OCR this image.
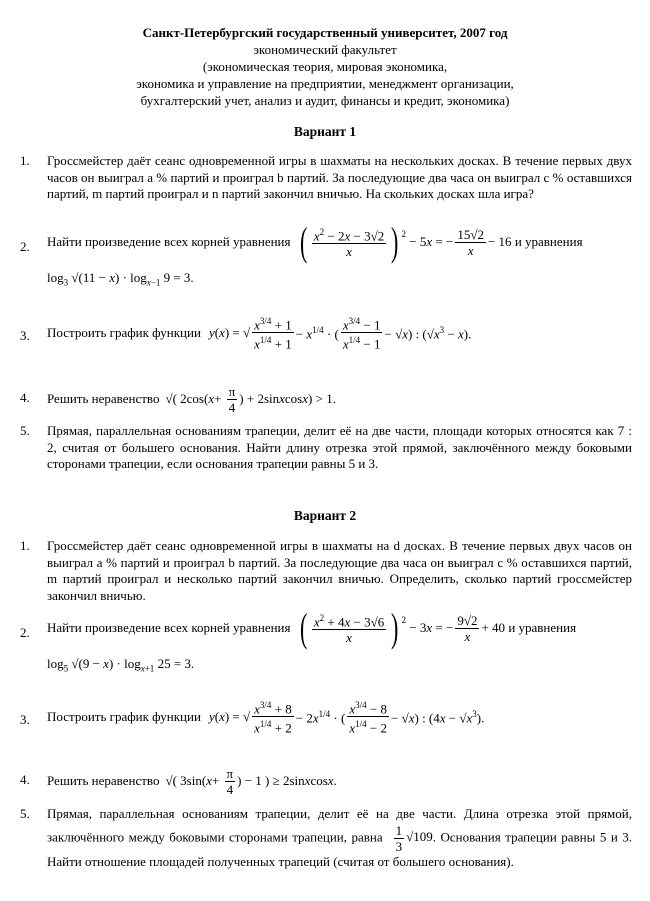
Санкт-Петербургский государственный университет, 2007 год
экономический факультет
(экономическая теория, мировая экономика,
экономика и управление на предприятии, менеджмент организации,
бухгалтерский учет, анализ и аудит, финансы и кредит, экономика)
Вариант 1
1.	Гроссмейстер даёт сеанс одновременной игры в шахматы на нескольких досках. В течение первых двух часов он выиграл a % партий и проиграл b партий. За последующие два часа он выиграл c % оставшихся партий, m партий проиграл и n партий закончил вничью. На скольких досках шла игра?
2.	Найти произведение всех корней уравнения ( $\frac{x^2 - 2x - 3√2}{x}$ ) $^2$ − 5x = − $\frac{15√2}{x} - 16$ и уравнения
$\log_3 √(11 - x) \cdot \log_{x-1} 9 = 3$.
3.	Построить график функции y ( x ) = √ $\frac{x^{3/4} + 1}{x^{1/4} + 1} - x^{1/4}$ · ( $\frac{x^{3/4} - 1}{x^{1/4} - 1} - √x$) : $(√x^3 - x)$.
4.	Решить неравенство √( 2cos( $x + \frac{\pi}{4}$ ) + 2sin x cos x ) > 1.
5.	Прямая, параллельная основаниям трапеции, делит её на две части, площади которых относятся как 7 : 2, считая от большего основания. Найти длину отрезка этой прямой, заключённого между боковыми сторонами трапеции, если основания трапеции равны 5 и 3.
Вариант 2
1.	Гроссмейстер даёт сеанс одновременной игры в шахматы на d досках. В течение первых двух часов он выиграл a % партий и проиграл b партий. За последующие два часа он выиграл c % оставшихся партий, m партий проиграл и несколько партий закончил вничью. Определить, сколько партий гроссмейстер закончил вничью.
2.	Найти произведение всех корней уравнения ( $\frac{x^2 + 4x - 3√6}{x}$ ) $^2$ − 3x = − $\frac{9√2}{x} + 40$ и уравнения
$\log_5 √(9 - x) \cdot \log_{x+1} 25 = 3$.
3.	Построить график функции y ( x ) = √ $\frac{x^{3/4} + 8}{x^{1/4} + 2} - 2x^{1/4}$ · ( $\frac{x^{3/4} - 8}{x^{1/4} - 2} - √x$) : $(4x - √x^3)$.
4.	Решить неравенство √( 3sin( $x + \frac{\pi}{4}$ ) − 1 ) ≥ 2sin x cos x .
5.	Прямая, параллельная основаниям трапеции, делит её на две части. Длина отрезка этой прямой, заключённого между боковыми сторонами трапеции, равна $\frac{1}{3} √109$. Основания трапеции равны 5 и 3. Найти отношение площадей полученных трапеций (считая от большего основания).
